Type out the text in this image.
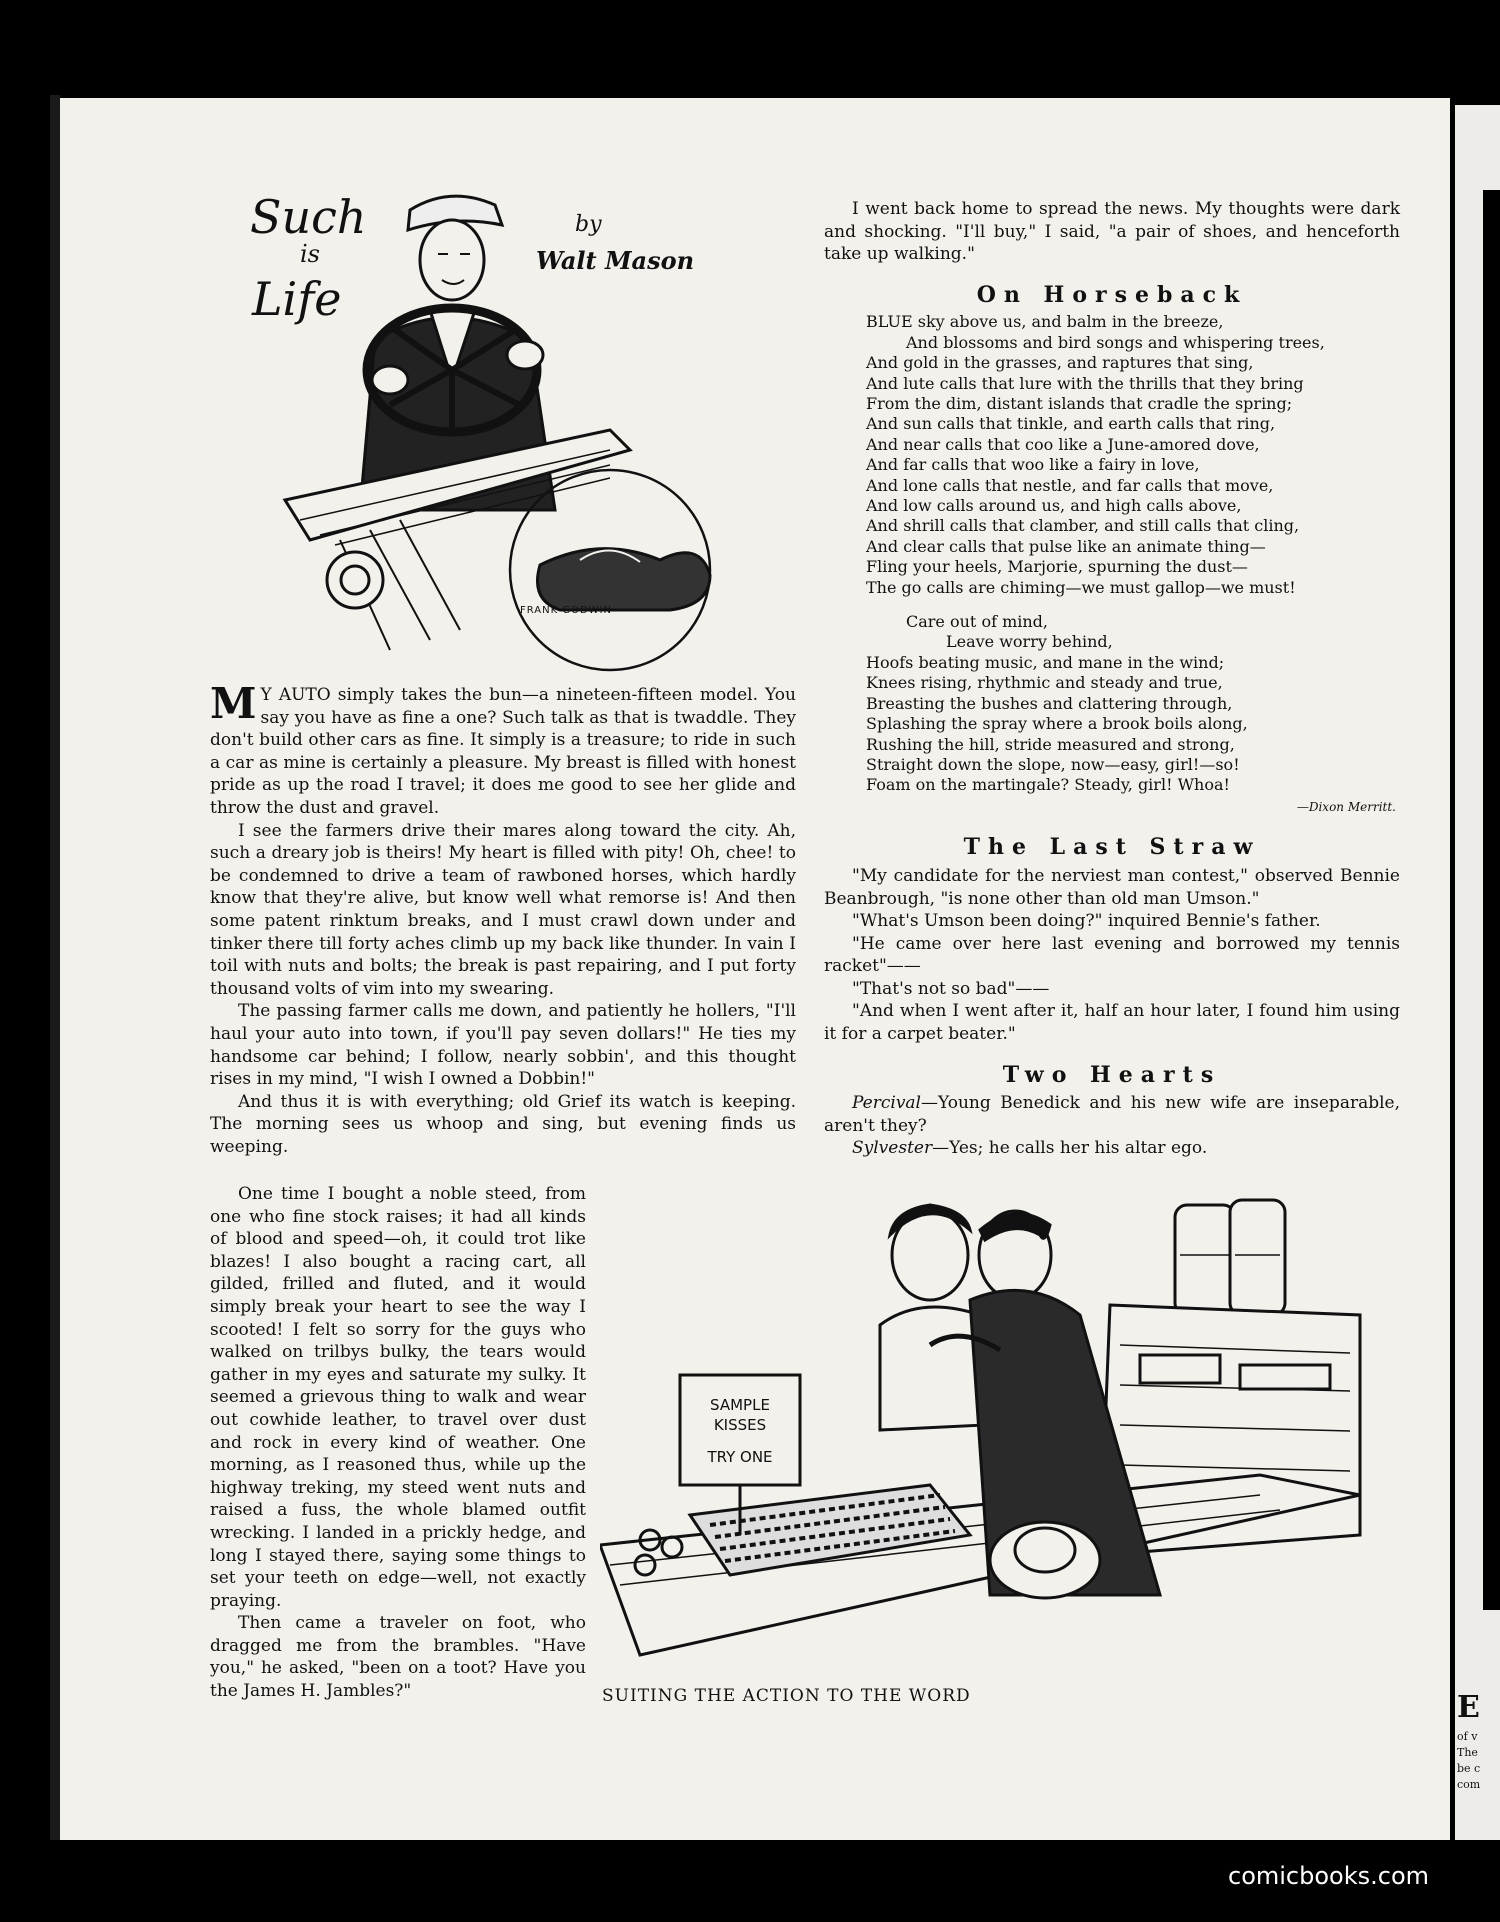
E
of v
The
be c
com
Such
is
Life
by
Walt Mason
FRANK GODWIN

M Y AUTO simply takes the bun—a nineteen-fifteen model. You say you have as fine a one? Such talk as that is twaddle. They don't build other cars as fine. It simply is a treasure; to ride in such a car as mine is certainly a pleasure. My breast is filled with honest pride as up the road I travel; it does me good to see her glide and throw the dust and gravel.

I see the farmers drive their mares along toward the city. Ah, such a dreary job is theirs! My heart is filled with pity! Oh, chee! to be condemned to drive a team of rawboned horses, which hardly know that they're alive, but know well what remorse is! And then some patent rinktum breaks, and I must crawl down under and tinker there till forty aches climb up my back like thunder. In vain I toil with nuts and bolts; the break is past repairing, and I put forty thousand volts of vim into my swearing.

The passing farmer calls me down, and patiently he hollers, "I'll haul your auto into town, if you'll pay seven dollars!" He ties my handsome car behind; I follow, nearly sobbin', and this thought rises in my mind, "I wish I owned a Dobbin!"

And thus it is with everything; old Grief its watch is keeping. The morning sees us whoop and sing, but evening finds us weeping.

One time I bought a noble steed, from one who fine stock raises; it had all kinds of blood and speed—oh, it could trot like blazes! I also bought a racing cart, all gilded, frilled and fluted, and it would simply break your heart to see the way I scooted! I felt so sorry for the guys who walked on trilbys bulky, the tears would gather in my eyes and saturate my sulky. It seemed a grievous thing to walk and wear out cowhide leather, to travel over dust and rock in every kind of weather. One morning, as I reasoned thus, while up the highway treking, my steed went nuts and raised a fuss, the whole blamed outfit wrecking. I landed in a prickly hedge, and long I stayed there, saying some things to set your teeth on edge—well, not exactly praying.

Then came a traveler on foot, who dragged me from the brambles. "Have you," he asked, "been on a toot? Have you the James H. Jambles?"

I went back home to spread the news. My thoughts were dark and shocking. "I'll buy," I said, "a pair of shoes, and henceforth take up walking."

On Horseback
BLUE sky above us, and balm in the breeze,
And blossoms and bird songs and whispering trees,
And gold in the grasses, and raptures that sing,
And lute calls that lure with the thrills that they bring
From the dim, distant islands that cradle the spring;
And sun calls that tinkle, and earth calls that ring,
And near calls that coo like a June-amored dove,
And far calls that woo like a fairy in love,
And lone calls that nestle, and far calls that move,
And low calls around us, and high calls above,
And shrill calls that clamber, and still calls that cling,
And clear calls that pulse like an animate thing—
Fling your heels, Marjorie, spurning the dust—
The go calls are chiming—we must gallop—we must!
Care out of mind,
Leave worry behind,
Hoofs beating music, and mane in the wind;
Knees rising, rhythmic and steady and true,
Breasting the bushes and clattering through,
Splashing the spray where a brook boils along,
Rushing the hill, stride measured and strong,
Straight down the slope, now—easy, girl!—so!
Foam on the martingale? Steady, girl! Whoa!
—Dixon Merritt.
The Last Straw

"My candidate for the nerviest man contest," observed Bennie Beanbrough, "is none other than old man Umson."

"What's Umson been doing?" inquired Bennie's father.

"He came over here last evening and borrowed my tennis racket"——

"That's not so bad"——

"And when I went after it, half an hour later, I found him using it for a carpet beater."

Two Hearts

Percival—Young Benedick and his new wife are inseparable, aren't they?

Sylvester—Yes; he calls her his altar ego.

SAMPLE
KISSES
TRY ONE
SUITING THE ACTION TO THE WORD
comicbooks.com
